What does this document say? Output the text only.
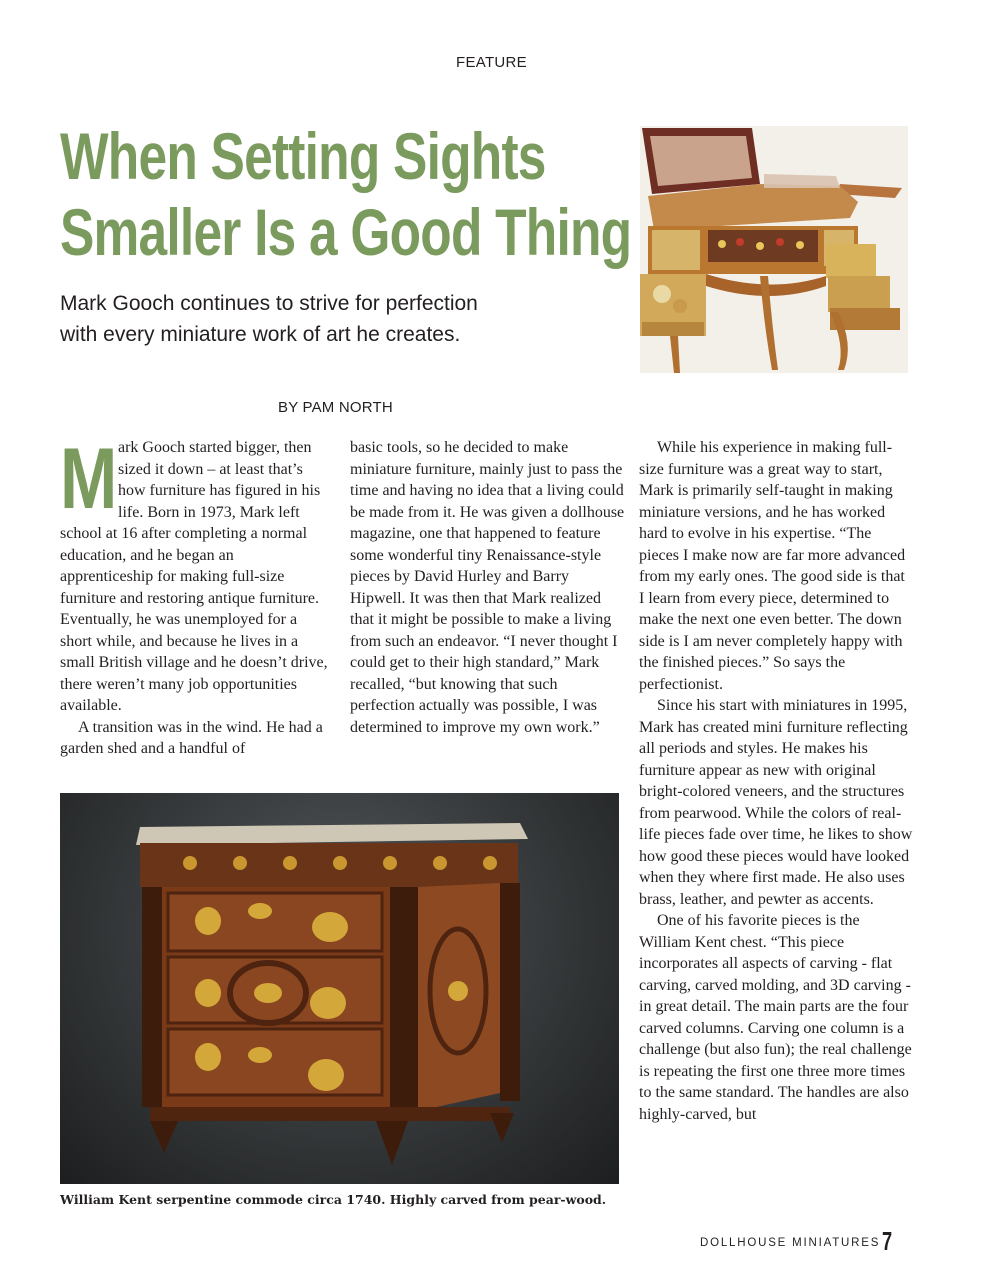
FEATURE
When Setting Sights
Smaller Is a Good Thing
Mark Gooch continues to strive for perfection
with every miniature work of art he creates.
BY PAM NORTH

Mark Gooch started bigger, then sized it down – at least that’s how furniture has figured in his life. Born in 1973, Mark left school at 16 after completing a normal education, and he began an apprenticeship for making full-size furniture and restoring antique furniture. Eventually, he was unemployed for a short while, and because he lives in a small British village and he doesn’t drive, there weren’t many job opportunities available.

A transition was in the wind. He had a garden shed and a handful of

basic tools, so he decided to make miniature furniture, mainly just to pass the time and having no idea that a living could be made from it. He was given a dollhouse magazine, one that happened to feature some wonderful tiny Renaissance-style pieces by David Hurley and Barry Hipwell. It was then that Mark realized that it might be possible to make a living from such an endeavor. “I never thought I could get to their high standard,” Mark recalled, “but knowing that such perfection actually was possible, I was determined to improve my own work.”

While his experience in making full-size furniture was a great way to start, Mark is primarily self-taught in making miniature versions, and he has worked hard to evolve in his expertise. “The pieces I make now are far more advanced from my early ones. The good side is that I learn from every piece, determined to make the next one even better. The down side is I am never completely happy with the finished pieces.” So says the perfectionist.

Since his start with miniatures in 1995, Mark has created mini furniture reflecting all periods and styles. He makes his furniture appear as new with original bright-colored veneers, and the structures from pearwood. While the colors of real-life pieces fade over time, he likes to show how good these pieces would have looked when they where first made. He also uses brass, leather, and pewter as accents.

One of his favorite pieces is the William Kent chest. “This piece incorporates all aspects of carving - flat carving, carved molding, and 3D carving - in great detail. The main parts are the four carved columns. Carving one column is a challenge (but also fun); the real challenge is repeating the first one three more times to the same standard. The handles are also highly-carved, but

William Kent serpentine commode circa 1740. Highly carved from pear-wood.
DOLLHOUSE MINIATURES 7
